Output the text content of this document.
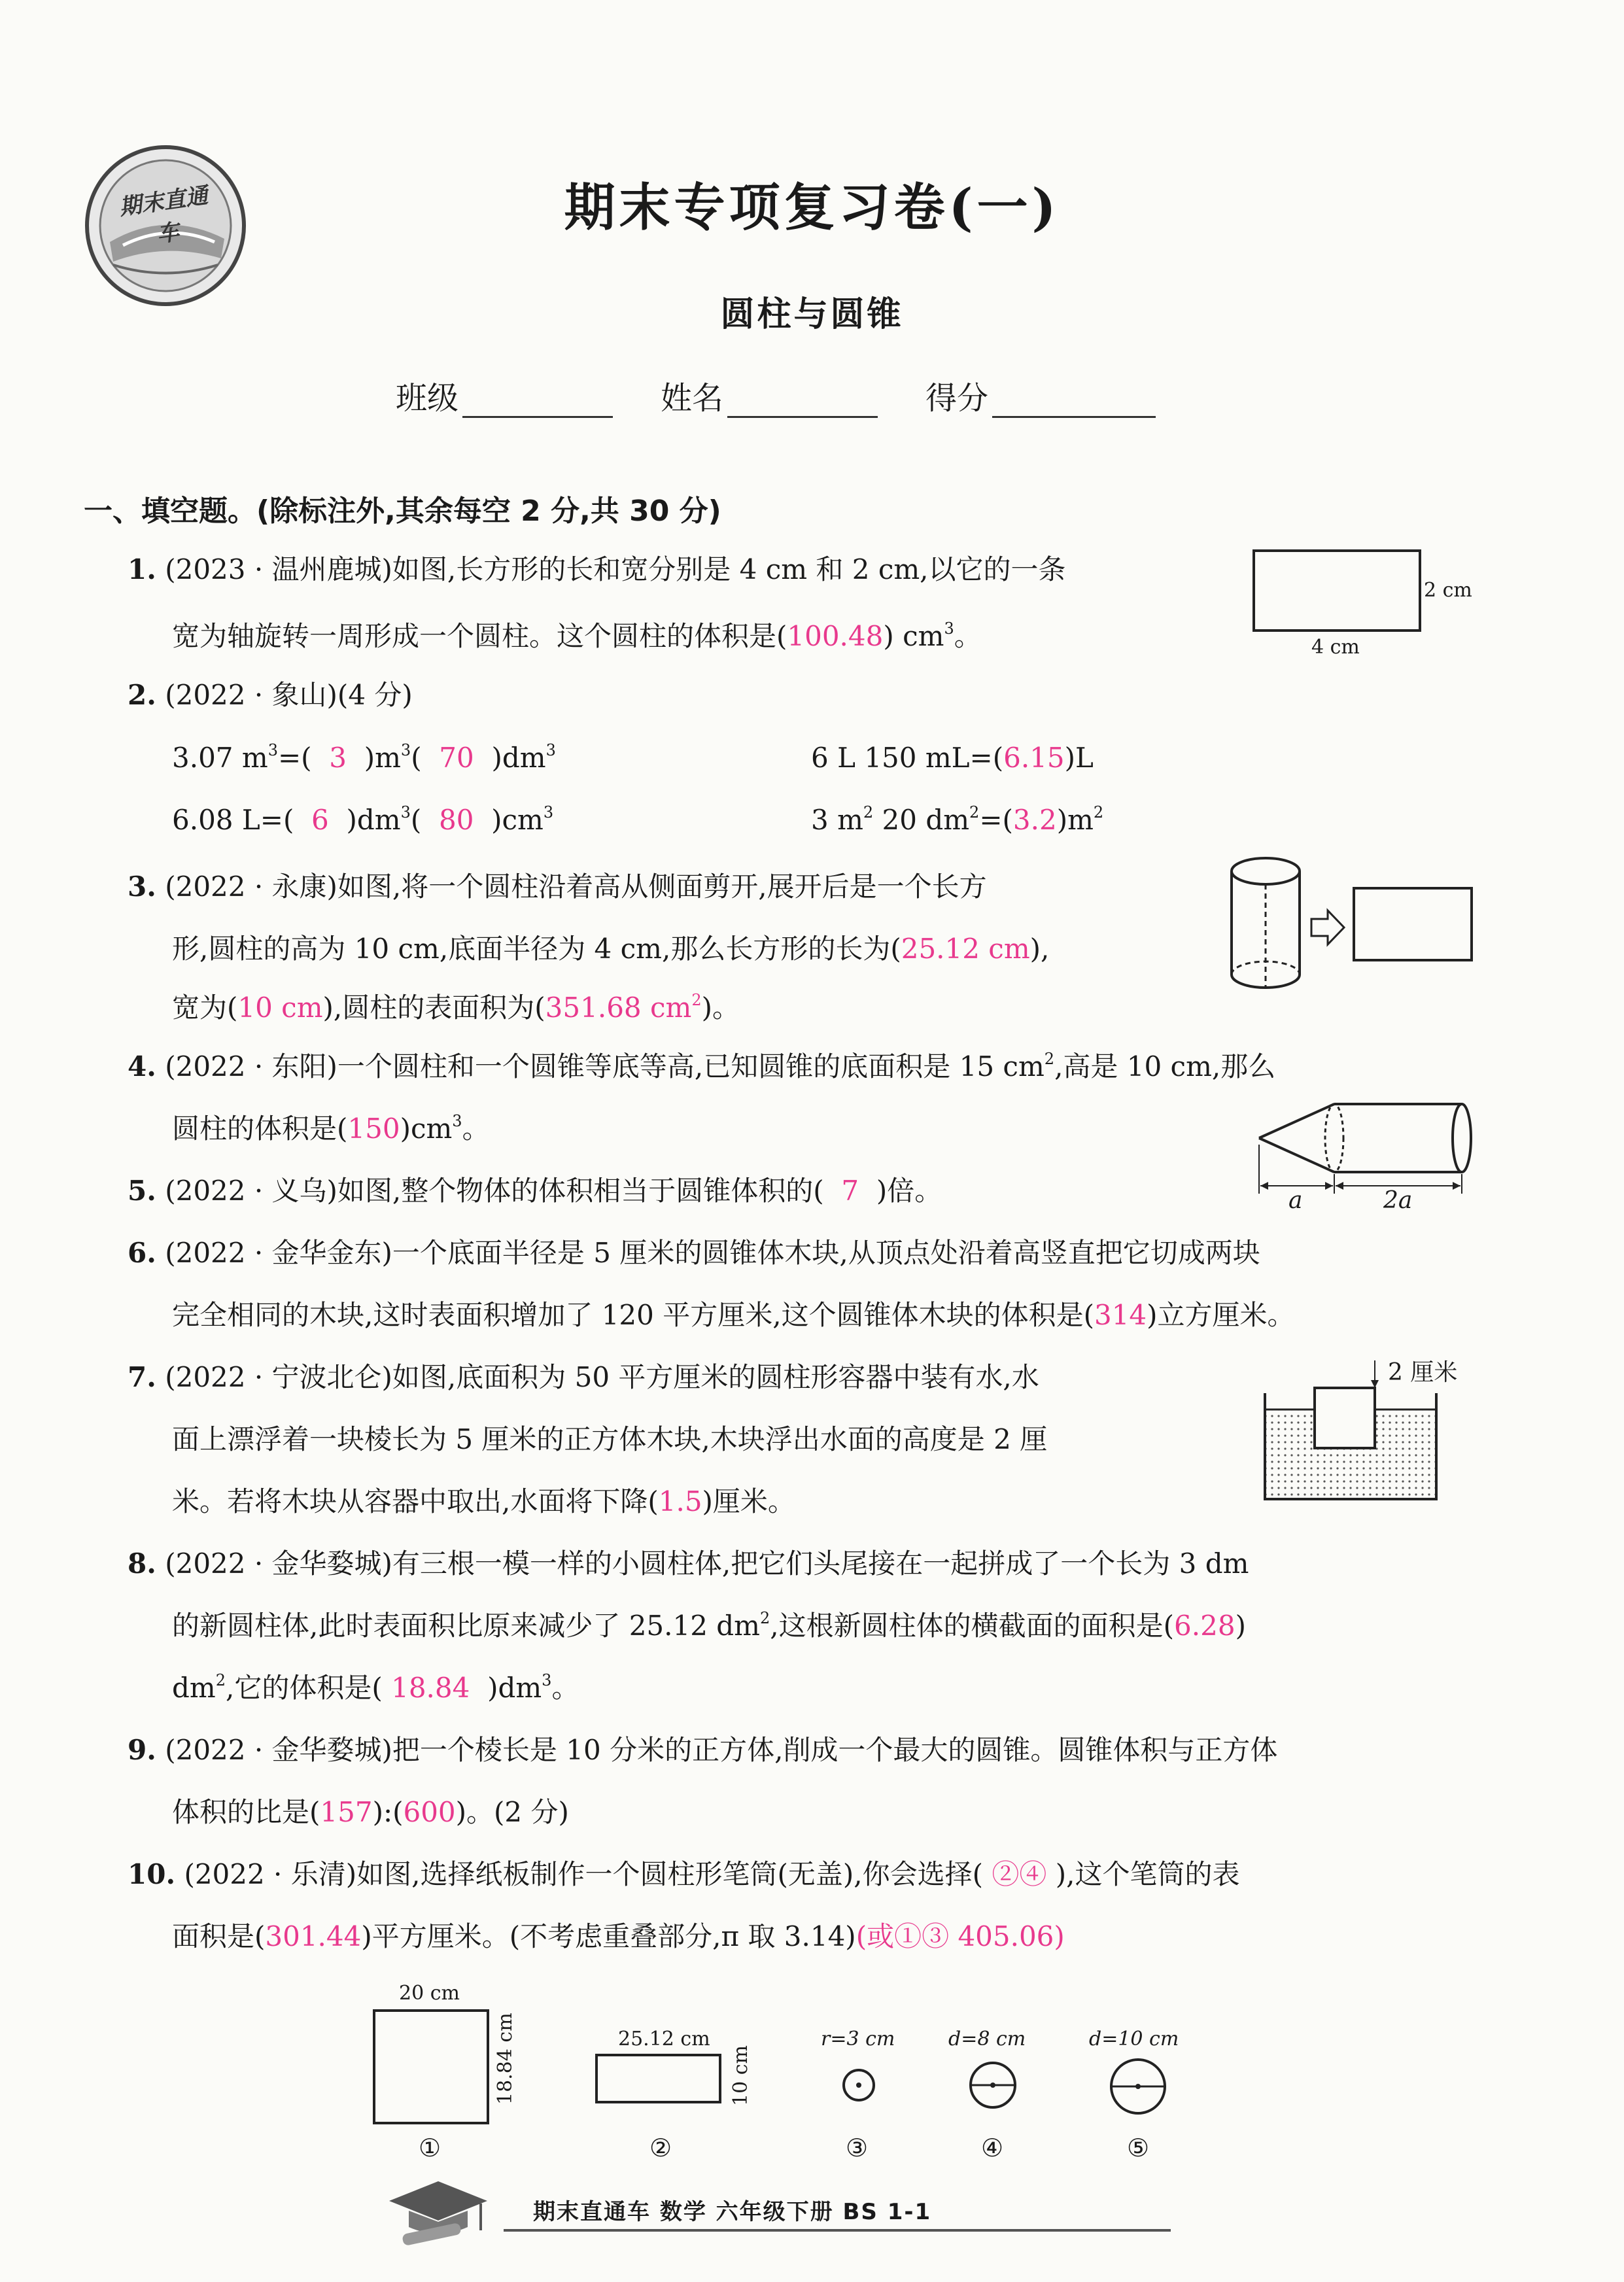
期末直通车	期末专项复习卷(一)
圆柱与圆锥
班级	姓名	得分
一、填空题。(除标注外,其余每空 2 分,共 30 分)
1. (2023 · 温州鹿城)如图,长方形的长和宽分别是 4 cm 和 2 cm,以它的一条
宽为轴旋转一周形成一个圆柱。这个圆柱的体积是(100.48) $cm^3$。
2 cm
4 cm
2. (2022 · 象山)(4 分)
3.07 $m^3=$( 3 )$m^3$( 70 )$dm^3$	6 L 150 mL=(6.15)L
6.08 L=( 6 )$dm^3$( 80 )$cm^3$	3 $m^2$ 20 $dm^2=(3.2)m^2$
3. (2022 · 永康)如图,将一个圆柱沿着高从侧面剪开,展开后是一个长方
形,圆柱的高为 10 cm,底面半径为 4 cm,那么长方形的长为(25.12 cm),
宽为(10 cm),圆柱的表面积为(351.68 $cm^2$)。
4. (2022 · 东阳)一个圆柱和一个圆锥等底等高,已知圆锥的底面积是 15 $cm^2$,高是 10 cm,那么
圆柱的体积是$(150)cm^3$。
5. (2022 · 义乌)如图,整个物体的体积相当于圆锥体积的( 7 )倍。	a	2a
6. (2022 · 金华金东)一个底面半径是 5 厘米的圆锥体木块,从顶点处沿着高竖直把它切成两块
完全相同的木块,这时表面积增加了 120 平方厘米,这个圆锥体木块的体积是(314)立方厘米。
7. (2022 · 宁波北仑)如图,底面积为 50 平方厘米的圆柱形容器中装有水,水
面上漂浮着一块棱长为 5 厘米的正方体木块,木块浮出水面的高度是 2 厘
米。若将木块从容器中取出,水面将下降(1.5)厘米。
2 厘米
8. (2022 · 金华婺城)有三根一模一样的小圆柱体,把它们头尾接在一起拼成了一个长为 3 dm
的新圆柱体,此时表面积比原来减少了 25.12 $dm^2$,这根新圆柱体的横截面的面积是(6.28)
$dm^2$,它的体积是( 18.84 )$dm^3$。
9. (2022 · 金华婺城)把一个棱长是 10 分米的正方体,削成一个最大的圆锥。圆锥体积与正方体
体积的比是(157):(600)。(2 分)
10. (2022 · 乐清)如图,选择纸板制作一个圆柱形笔筒(无盖),你会选择( ②④ ),这个笔筒的表
面积是(301.44)平方厘米。(不考虑重叠部分,π 取 3.14)(或①③ 405.06)
20 cm
18.84 cm
①
25.12 cm
10 cm
②
r=3 cm
③
d=8 cm
④
d=10 cm
⑤
期末直通车 数学 六年级下册 BS 1-1
